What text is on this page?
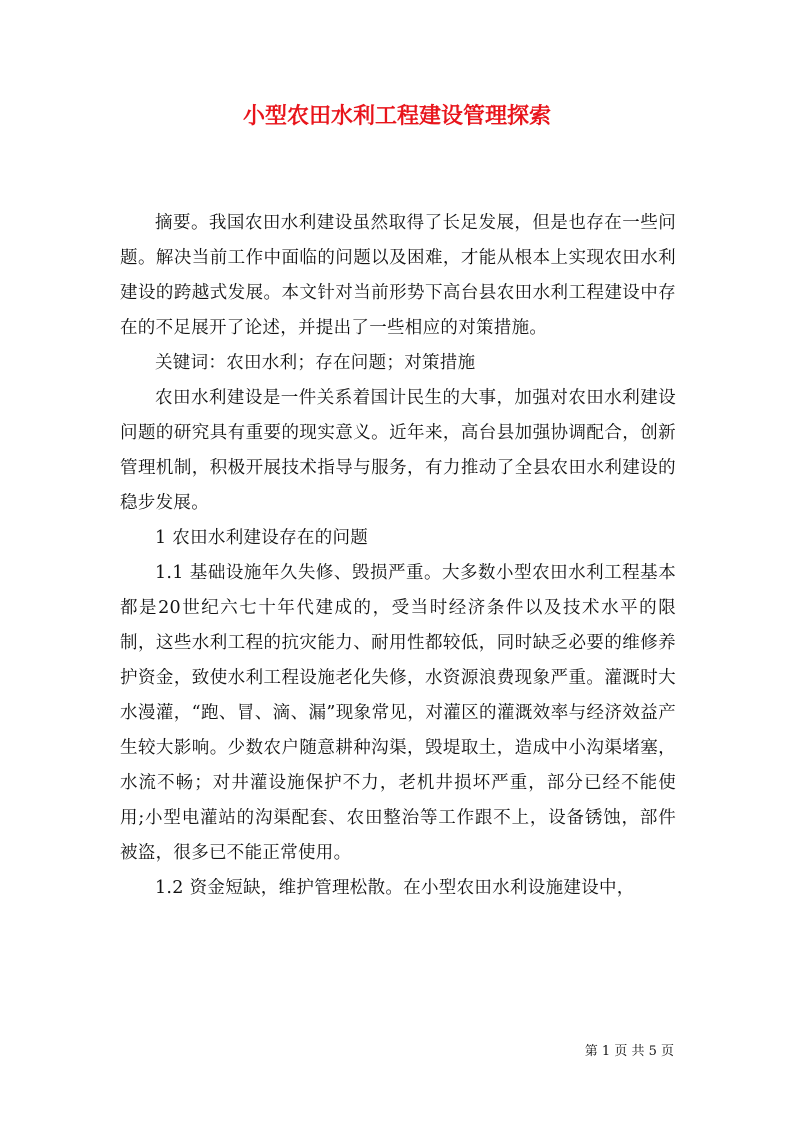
小型农田水利工程建设管理探索

摘要。我国农田水利建设虽然取得了长足发展，但是也存在一些问题。解决当前工作中面临的问题以及困难，才能从根本上实现农田水利建设的跨越式发展。本文针对当前形势下高台县农田水利工程建设中存在的不足展开了论述，并提出了一些相应的对策措施。

关键词：农田水利；存在问题；对策措施

农田水利建设是一件关系着国计民生的大事，加强对农田水利建设问题的研究具有重要的现实意义。近年来，高台县加强协调配合，创新管理机制，积极开展技术指导与服务，有力推动了全县农田水利建设的稳步发展。

1 农田水利建设存在的问题

1.1 基础设施年久失修、毁损严重。大多数小型农田水利工程基本都是20世纪六七十年代建成的，受当时经济条件以及技术水平的限制，这些水利工程的抗灾能力、耐用性都较低，同时缺乏必要的维修养护资金，致使水利工程设施老化失修，水资源浪费现象严重。灌溉时大水漫灌，“跑、冒、滴、漏”现象常见，对灌区的灌溉效率与经济效益产生较大影响。少数农户随意耕种沟渠，毁堤取土，造成中小沟渠堵塞，水流不畅；对井灌设施保护不力，老机井损坏严重，部分已经不能使用;小型电灌站的沟渠配套、农田整治等工作跟不上，设备锈蚀，部件被盗，很多已不能正常使用。

1.2 资金短缺，维护管理松散。在小型农田水利设施建设中，

第 1 页 共 5 页
